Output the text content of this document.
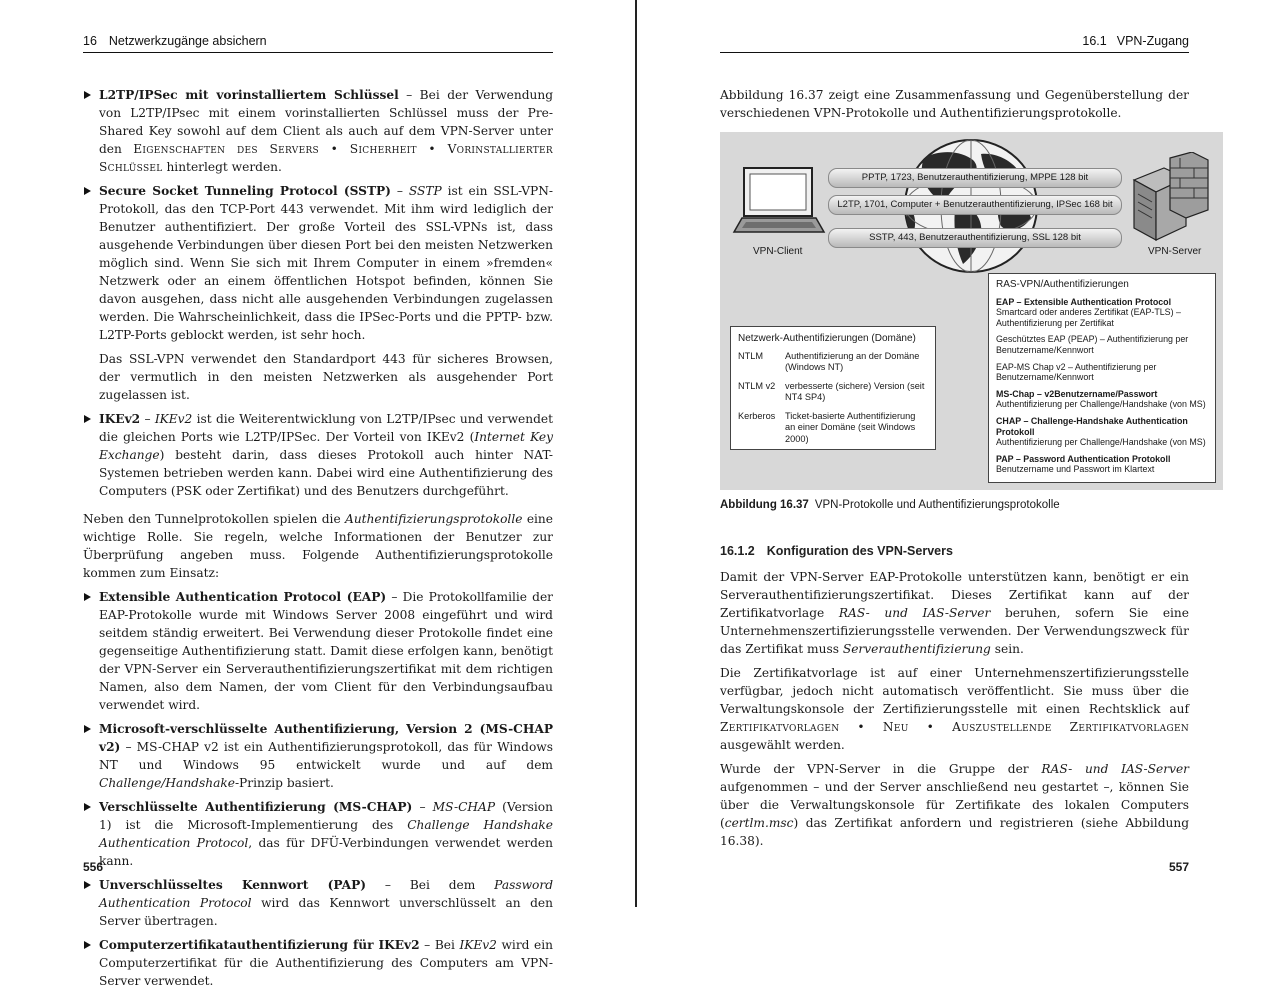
16 Netzwerkzugänge absichern
L2TP/IPSec mit vorinstalliertem Schlüssel – Bei der Verwendung von L2TP/IPsec mit einem vorinstallierten Schlüssel muss der Pre-Shared Key sowohl auf dem Client als auch auf dem VPN-Server unter den Eigenschaften des Servers • Sicherheit • Vorinstallierter Schlüssel hinterlegt werden.
Secure Socket Tunneling Protocol (SSTP) – SSTP ist ein SSL-VPN-Protokoll, das den TCP-Port 443 verwendet. Mit ihm wird lediglich der Benutzer authentifiziert. Der große Vorteil des SSL-VPNs ist, dass ausgehende Verbindungen über diesen Port bei den meisten Netzwerken möglich sind. Wenn Sie sich mit Ihrem Computer in einem »fremden« Netzwerk oder an einem öffentlichen Hotspot befinden, können Sie davon ausgehen, dass nicht alle ausgehenden Verbindungen zugelassen werden. Die Wahrscheinlichkeit, dass die IPSec-Ports und die PPTP- bzw. L2TP-Ports geblockt werden, ist sehr hoch.

Das SSL-VPN verwendet den Standardport 443 für sicheres Browsen, der vermutlich in den meisten Netzwerken als ausgehender Port zugelassen ist.

IKEv2 – IKEv2 ist die Weiterentwicklung von L2TP/IPsec und verwendet die gleichen Ports wie L2TP/IPSec. Der Vorteil von IKEv2 (Internet Key Exchange) besteht darin, dass dieses Protokoll auch hinter NAT-Systemen betrieben werden kann. Dabei wird eine Authentifizierung des Computers (PSK oder Zertifikat) und des Benutzers durchgeführt.

Neben den Tunnelprotokollen spielen die Authentifizierungsprotokolle eine wichtige Rolle. Sie regeln, welche Informationen der Benutzer zur Überprüfung angeben muss. Folgende Authentifizierungsprotokolle kommen zum Einsatz:

Extensible Authentication Protocol (EAP) – Die Protokollfamilie der EAP-Protokolle wurde mit Windows Server 2008 eingeführt und wird seitdem ständig erweitert. Bei Verwendung dieser Protokolle findet eine gegenseitige Authentifizierung statt. Damit diese erfolgen kann, benötigt der VPN-Server ein Serverauthentifizierungszertifikat mit dem richtigen Namen, also dem Namen, der vom Client für den Verbindungsaufbau verwendet wird.
Microsoft-verschlüsselte Authentifizierung, Version 2 (MS-CHAP v2) – MS-CHAP v2 ist ein Authentifizierungsprotokoll, das für Windows NT und Windows 95 entwickelt wurde und auf dem Challenge/Handshake-Prinzip basiert.
Verschlüsselte Authentifizierung (MS-CHAP) – MS-CHAP (Version 1) ist die Microsoft-Implementierung des Challenge Handshake Authentication Protocol, das für DFÜ-Verbindungen verwendet werden kann.
Unverschlüsseltes Kennwort (PAP) – Bei dem Password Authentication Protocol wird das Kennwort unverschlüsselt an den Server übertragen.
Computerzertifikatauthentifizierung für IKEv2 – Bei IKEv2 wird ein Computerzertifikat für die Authentifizierung des Computers am VPN-Server verwendet.
556
16.1 VPN-Zugang
Abbildung 16.37 zeigt eine Zusammenfassung und Gegenüberstellung der verschiedenen VPN-Protokolle und Authentifizierungsprotokolle.
VPN-Client	VPN-Server
PPTP, 1723, Benutzerauthentifizierung, MPPE 128 bit
L2TP, 1701, Computer + Benutzerauthentifizierung, IPSec 168 bit
SSTP, 443, Benutzerauthentifizierung, SSL 128 bit
Netzwerk-Authentifizierungen (Domäne)
NTLM	Authentifizierung an der Domäne (Windows NT)
NTLM v2	verbesserte (sichere) Version (seit NT4 SP4)
Kerberos	Ticket-basierte Authentifizierung an einer Domäne (seit Windows 2000)
RAS-VPN/Authentifizierungen
EAP – Extensible Authentication Protocol
Smartcard oder anderes Zertifikat (EAP-TLS) – Authentifizierung per Zertifikat
Geschütztes EAP (PEAP) – Authentifizierung per Benutzername/Kennwort
EAP-MS Chap v2 – Authentifizierung per Benutzername/Kennwort
MS-Chap – v2Benutzername/Passwort
Authentifizierung per Challenge/Handshake (von MS)
CHAP – Challenge-Handshake Authentication Protokoll
Authentifizierung per Challenge/Handshake (von MS)
PAP – Password Authentication Protokoll
Benutzername und Passwort im Klartext
Abbildung 16.37 VPN-Protokolle und Authentifizierungsprotokolle
16.1.2 Konfiguration des VPN-Servers

Damit der VPN-Server EAP-Protokolle unterstützen kann, benötigt er ein Serverauthentifizierungszertifikat. Dieses Zertifikat kann auf der Zertifikatvorlage RAS- und IAS-Server beruhen, sofern Sie eine Unternehmenszertifizierungsstelle verwenden. Der Verwendungszweck für das Zertifikat muss Serverauthentifizierung sein.

Die Zertifikatvorlage ist auf einer Unternehmenszertifizierungsstelle verfügbar, jedoch nicht automatisch veröffentlicht. Sie muss über die Verwaltungskonsole der Zertifizierungsstelle mit einen Rechtsklick auf Zertifikatvorlagen • Neu • Auszustellende Zertifikatvorlagen ausgewählt werden.

Wurde der VPN-Server in die Gruppe der RAS- und IAS-Server aufgenommen – und der Server anschließend neu gestartet –, können Sie über die Verwaltungskonsole für Zertifikate des lokalen Computers (certlm.msc) das Zertifikat anfordern und registrieren (siehe Abbildung 16.38).

557
